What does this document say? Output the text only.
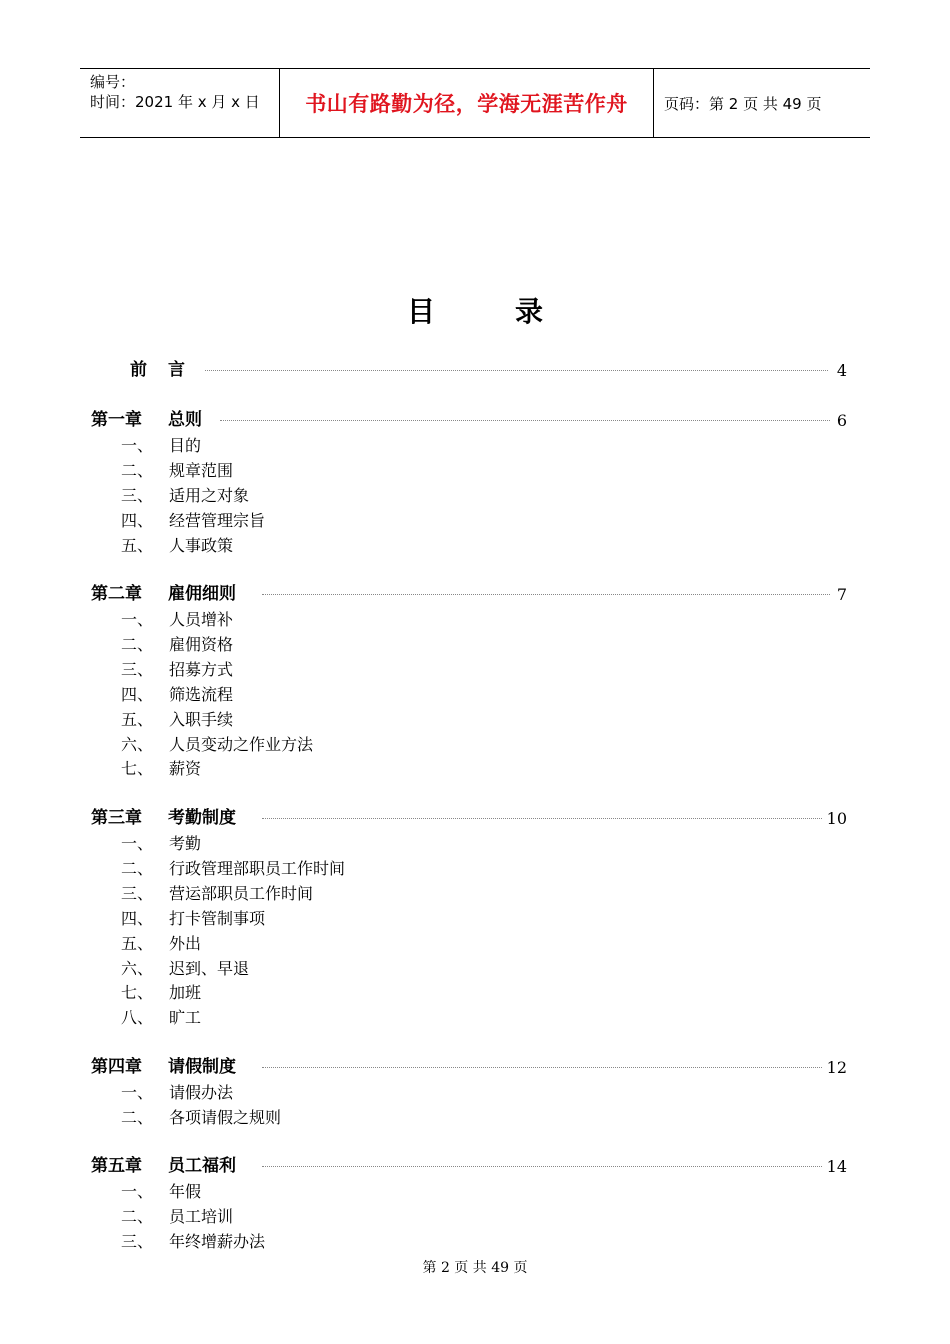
编号：
时间：2021 年 x 月 x 日	书山有路勤为径，学海无涯苦作舟 页码：第 2 页 共 49 页
目	录
前 言	4
第一章 总则	6
一、 目的
二、 规章范围
三、 适用之对象
四、 经营管理宗旨
五、 人事政策
第二章 雇佣细则	7
一、 人员增补
二、 雇佣资格
三、 招募方式
四、 筛选流程
五、 入职手续
六、 人员变动之作业方法
七、 薪资
第三章 考勤制度	10
一、 考勤
二、 行政管理部职员工作时间
三、 营运部职员工作时间
四、 打卡管制事项
五、 外出
六、 迟到、早退
七、 加班
八、 旷工
第四章 请假制度	12
一、 请假办法
二、 各项请假之规则
第五章 员工福利	14
一、 年假
二、 员工培训
三、 年终增薪办法
第 2 页 共 49 页
